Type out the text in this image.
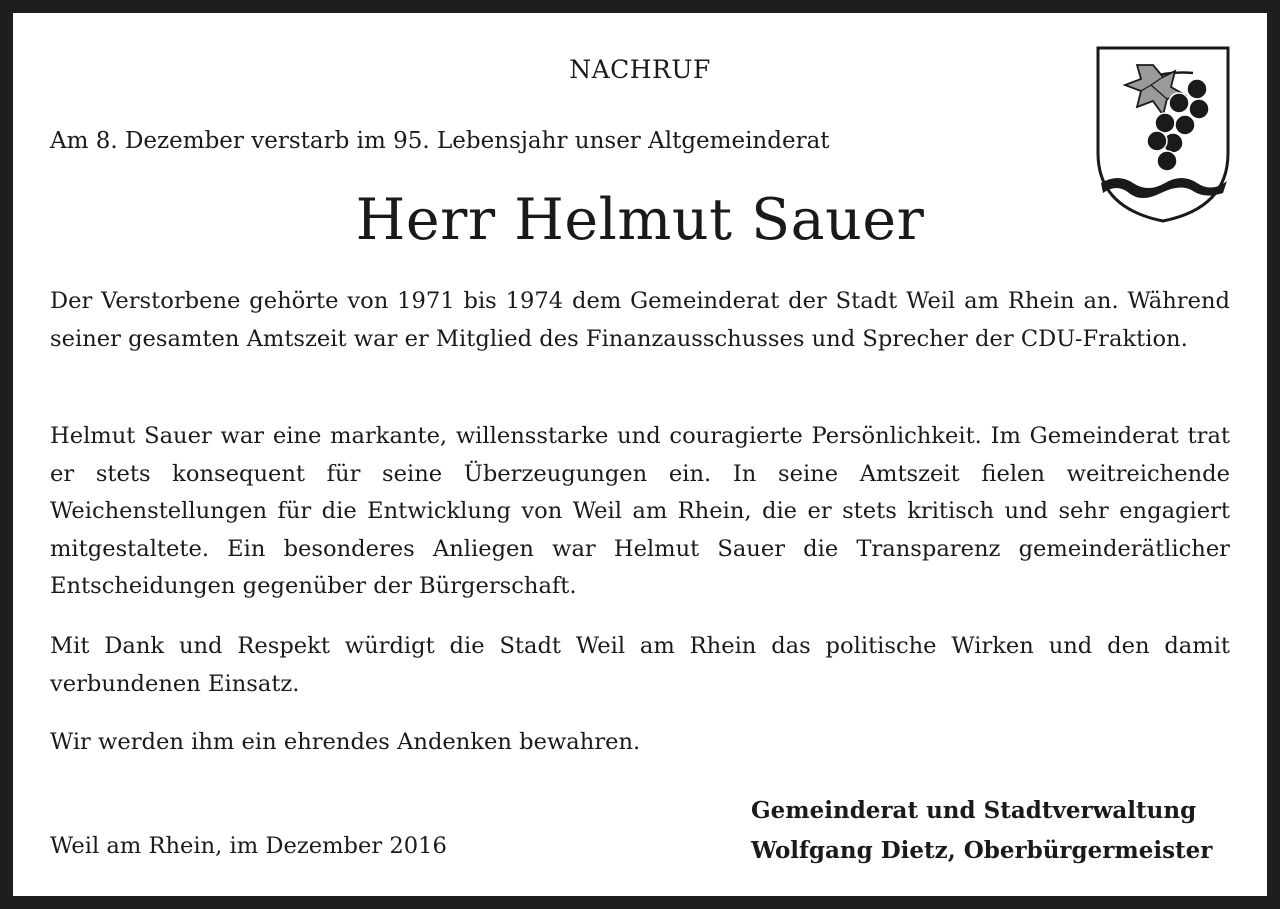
NACHRUF
Am 8. Dezember verstarb im 95. Lebensjahr unser Altgemeinderat
Herr Helmut Sauer
Der Verstorbene gehörte von 1971 bis 1974 dem Gemeinderat der Stadt Weil am Rhein an. Während seiner gesamten Amtszeit war er Mitglied des Finanzausschusses und Sprecher der CDU-Fraktion.
Helmut Sauer war eine markante, willensstarke und couragierte Persönlichkeit. Im Gemeinderat trat er stets konsequent für seine Überzeugungen ein. In seine Amtszeit fielen weitreichende Weichenstellungen für die Entwicklung von Weil am Rhein, die er stets kritisch und sehr engagiert mitgestaltete. Ein besonderes Anliegen war Helmut Sauer die Transparenz gemeinderätlicher Entscheidungen gegenüber der Bürgerschaft.
Mit Dank und Respekt würdigt die Stadt Weil am Rhein das politische Wirken und den damit verbundenen Einsatz.
Wir werden ihm ein ehrendes Andenken bewahren.
Weil am Rhein, im Dezember 2016
Gemeinderat und Stadtverwaltung
Wolfgang Dietz, Oberbürgermeister
